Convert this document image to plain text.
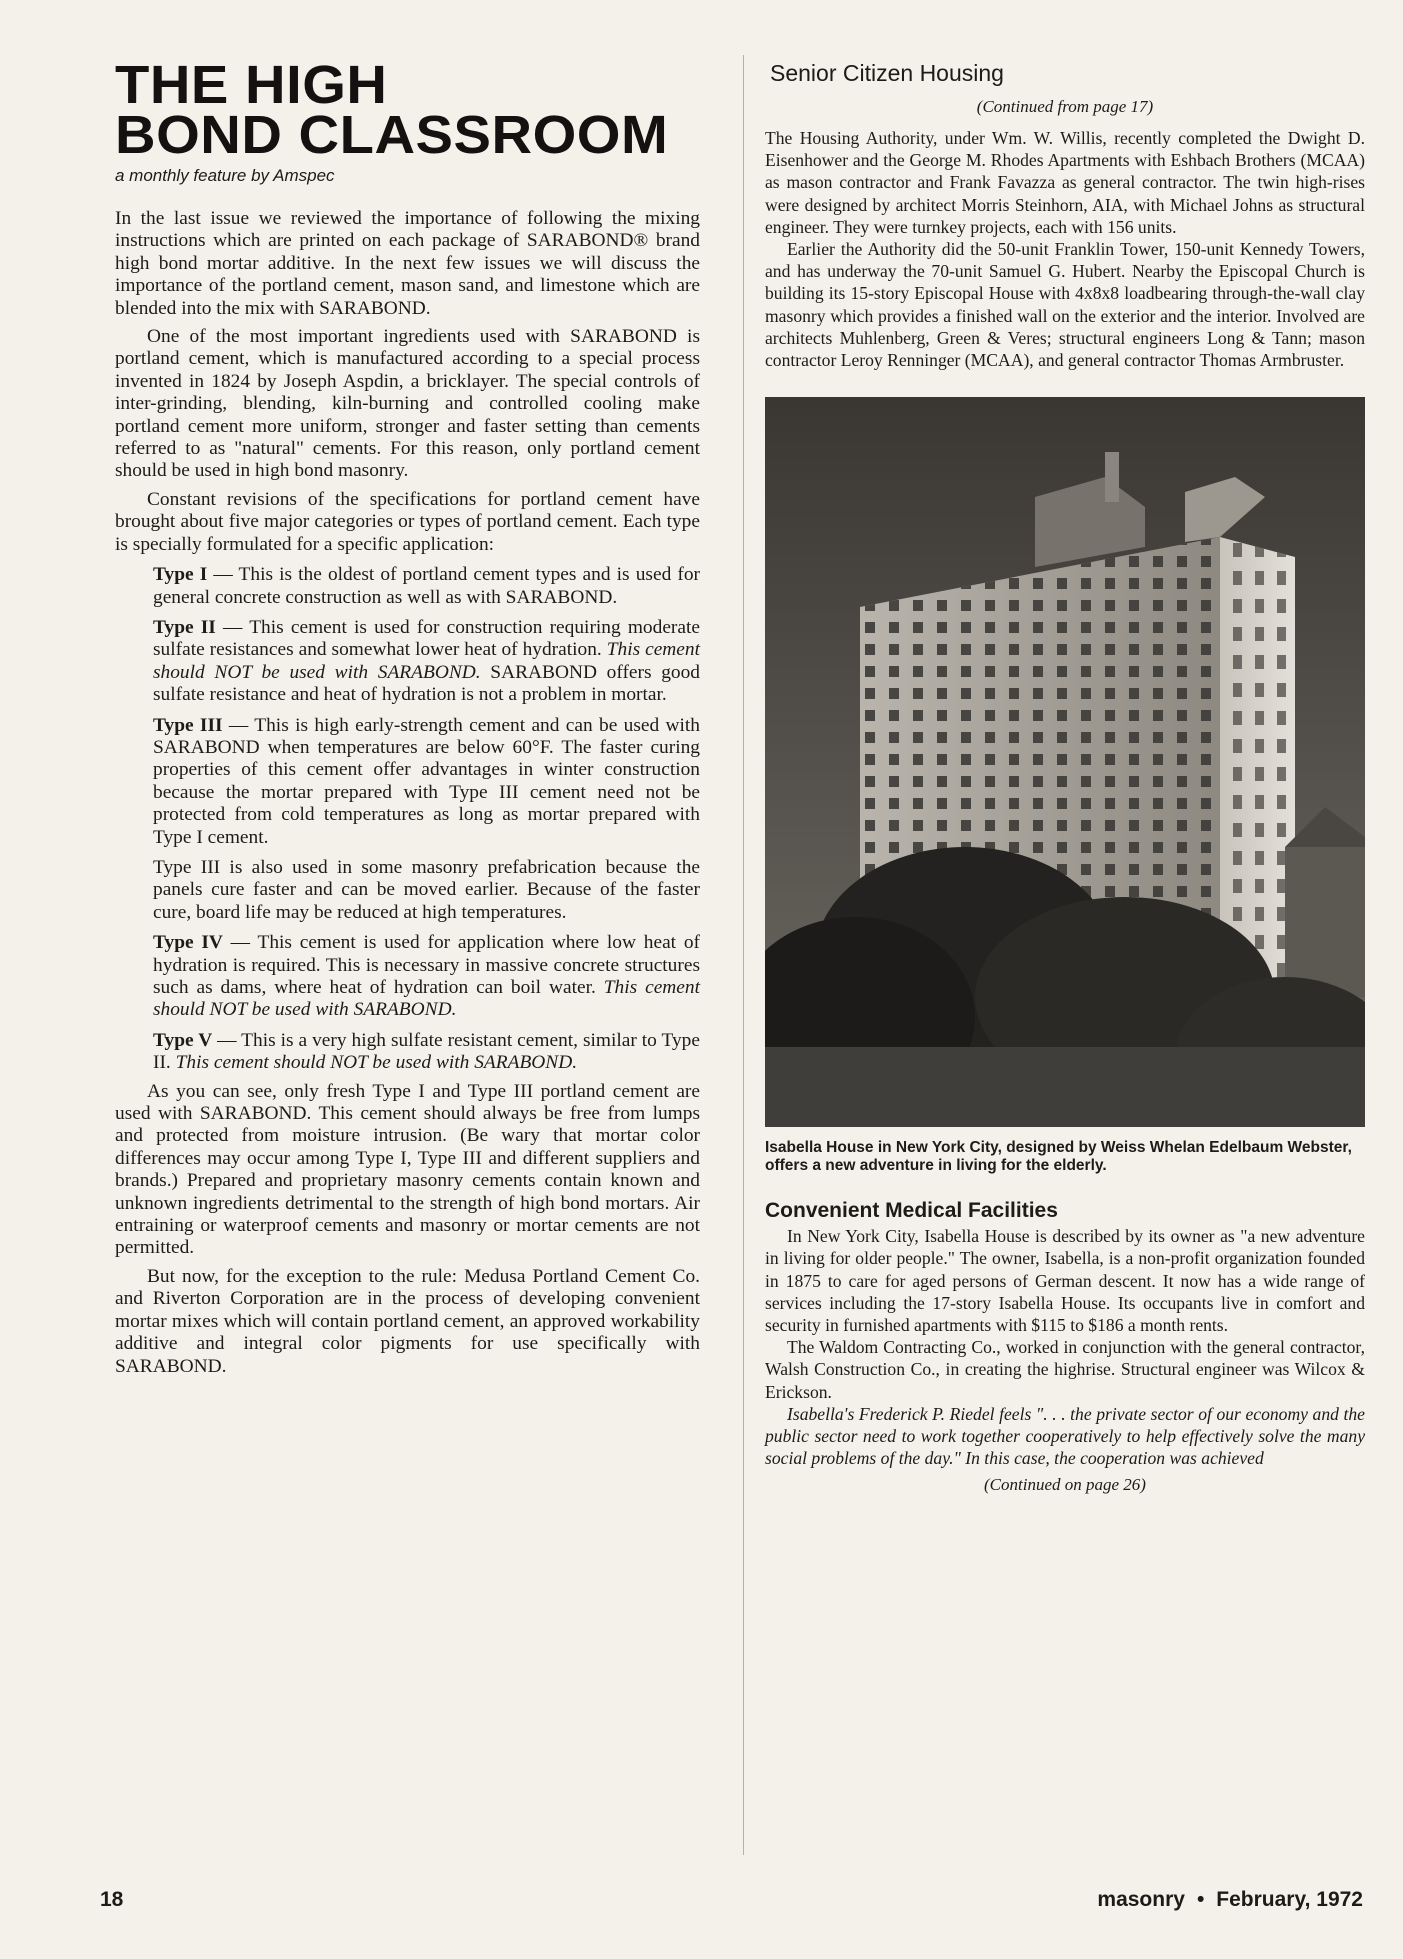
THE HIGH
BOND CLASSROOM
a monthly feature by Amspec

In the last issue we reviewed the importance of following the mixing instructions which are printed on each package of SARABOND® brand high bond mortar additive. In the next few issues we will discuss the importance of the portland cement, mason sand, and limestone which are blended into the mix with SARABOND.

One of the most important ingredients used with SARABOND is portland cement, which is manufactured according to a special process invented in 1824 by Joseph Aspdin, a bricklayer. The special controls of inter-grinding, blending, kiln-burning and controlled cooling make portland cement more uniform, stronger and faster setting than cements referred to as "natural" cements. For this reason, only portland cement should be used in high bond masonry.

Constant revisions of the specifications for portland cement have brought about five major categories or types of portland cement. Each type is specially formulated for a specific application:

Type I — This is the oldest of portland cement types and is used for general concrete construction as well as with SARABOND.

Type II — This cement is used for construction requiring moderate sulfate resistances and somewhat lower heat of hydration. This cement should NOT be used with SARABOND. SARABOND offers good sulfate resistance and heat of hydration is not a problem in mortar.

Type III — This is high early-strength cement and can be used with SARABOND when temperatures are below 60°F. The faster curing properties of this cement offer advantages in winter construction because the mortar prepared with Type III cement need not be protected from cold temperatures as long as mortar prepared with Type I cement.

Type III is also used in some masonry prefabrication because the panels cure faster and can be moved earlier. Because of the faster cure, board life may be reduced at high temperatures.

Type IV — This cement is used for application where low heat of hydration is required. This is necessary in massive concrete structures such as dams, where heat of hydration can boil water. This cement should NOT be used with SARABOND.

Type V — This is a very high sulfate resistant cement, similar to Type II. This cement should NOT be used with SARABOND.

As you can see, only fresh Type I and Type III portland cement are used with SARABOND. This cement should always be free from lumps and protected from moisture intrusion. (Be wary that mortar color differences may occur among Type I, Type III and different suppliers and brands.) Prepared and proprietary masonry cements contain known and unknown ingredients detrimental to the strength of high bond mortars. Air entraining or waterproof cements and masonry or mortar cements are not permitted.

But now, for the exception to the rule: Medusa Portland Cement Co. and Riverton Corporation are in the process of developing convenient mortar mixes which will contain portland cement, an approved workability additive and integral color pigments for use specifically with SARABOND.

Senior Citizen Housing
(Continued from page 17)

The Housing Authority, under Wm. W. Willis, recently completed the Dwight D. Eisenhower and the George M. Rhodes Apartments with Eshbach Brothers (MCAA) as mason contractor and Frank Favazza as general contractor. The twin high-rises were designed by architect Morris Steinhorn, AIA, with Michael Johns as structural engineer. They were turnkey projects, each with 156 units.

Earlier the Authority did the 50-unit Franklin Tower, 150-unit Kennedy Towers, and has underway the 70-unit Samuel G. Hubert. Nearby the Episcopal Church is building its 15-story Episcopal House with 4x8x8 loadbearing through-the-wall clay masonry which provides a finished wall on the exterior and the interior. Involved are architects Muhlenberg, Green & Veres; structural engineers Long & Tann; mason contractor Leroy Renninger (MCAA), and general contractor Thomas Armbruster.

Isabella House in New York City, designed by Weiss Whelan Edelbaum Webster, offers a new adventure in living for the elderly.
Convenient Medical Facilities

In New York City, Isabella House is described by its owner as "a new adventure in living for older people." The owner, Isabella, is a non-profit organization founded in 1875 to care for aged persons of German descent. It now has a wide range of services including the 17-story Isabella House. Its occupants live in comfort and security in furnished apartments with $115 to $186 a month rents.

The Waldom Contracting Co., worked in conjunction with the general contractor, Walsh Construction Co., in creating the highrise. Structural engineer was Wilcox & Erickson.

Isabella's Frederick P. Riedel feels ". . . the private sector of our economy and the public sector need to work together cooperatively to help effectively solve the many social problems of the day." In this case, the cooperation was achieved

(Continued on page 26)
18	masonry • February, 1972
